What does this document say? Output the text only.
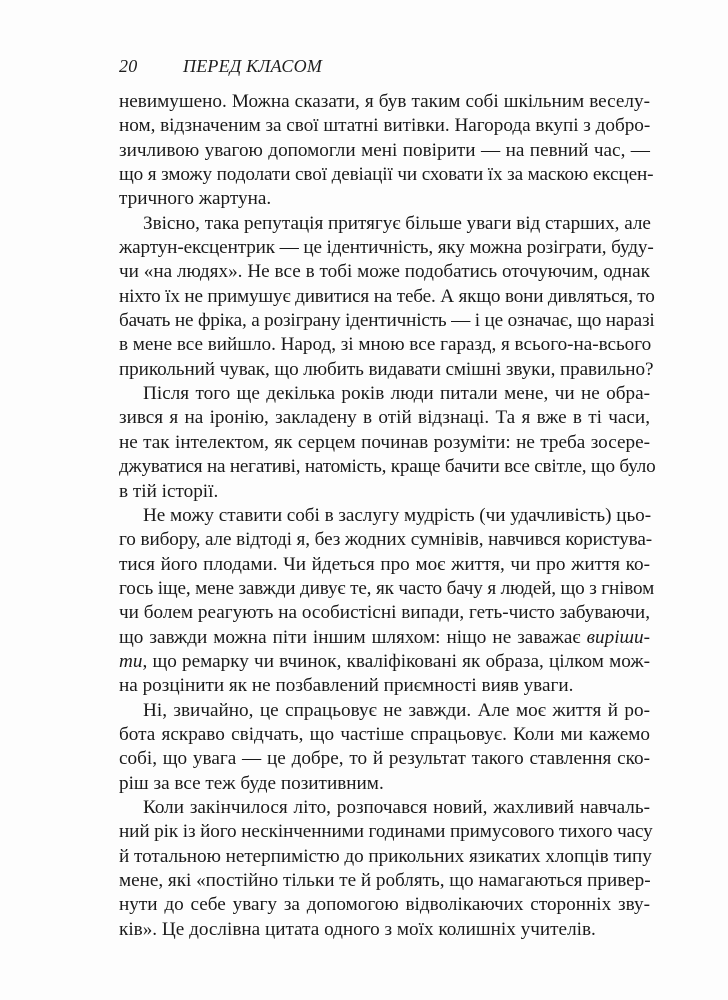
20	ПЕРЕД КЛАСОМ
невимушено. Можна сказати, я був таким собі шкільним веселу-
ном, відзначеним за свої штатні витівки. Нагорода вкупі з добро-
зичливою увагою допомогли мені повірити — на певний час, —
що я зможу подолати свої девіації чи сховати їх за маскою ексцен-
тричного жартуна.
Звісно, така репутація притягує більше уваги від старших, але
жартун-ексцентрик — це ідентичність, яку можна розіграти, буду-
чи «на людях». Не все в тобі може подобатись оточуючим, однак
ніхто їх не примушує дивитися на тебе. А якщо вони дивляться, то
бачать не фріка, а розіграну ідентичність — і це означає, що наразі
в мене все вийшло. Народ, зі мною все гаразд, я всього-на-всього
прикольний чувак, що любить видавати смішні звуки, правильно?
Після того ще декілька років люди питали мене, чи не обра-
зився я на іронію, закладену в отій відзнаці. Та я вже в ті часи,
не так інтелектом, як серцем починав розуміти: не треба зосере-
джуватися на негативі, натомість, краще бачити все світле, що було
в тій історії.
Не можу ставити собі в заслугу мудрість (чи удачливість) цьо-
го вибору, але відтоді я, без жодних сумнівів, навчився користува-
тися його плодами. Чи йдеться про моє життя, чи про життя ко-
гось іще, мене завжди дивує те, як часто бачу я людей, що з гнівом
чи болем реагують на особистісні випади, геть-чисто забуваючи,
що завжди можна піти іншим шляхом: ніщо не заважає виріши-
ти, що ремарку чи вчинок, кваліфіковані як образа, цілком мож-
на розцінити як не позбавлений приємності вияв уваги.
Ні, звичайно, це спрацьовує не завжди. Але моє життя й ро-
бота яскраво свідчать, що частіше спрацьовує. Коли ми кажемо
собі, що увага — це добре, то й результат такого ставлення ско-
ріш за все теж буде позитивним.
Коли закінчилося літо, розпочався новий, жахливий навчаль-
ний рік із його нескінченними годинами примусового тихого часу
й тотальною нетерпимістю до прикольних язикатих хлопців типу
мене, які «постійно тільки те й роблять, що намагаються привер-
нути до себе увагу за допомогою відволікаючих сторонніх зву-
ків». Це дослівна цитата одного з моїх колишніх учителів.
